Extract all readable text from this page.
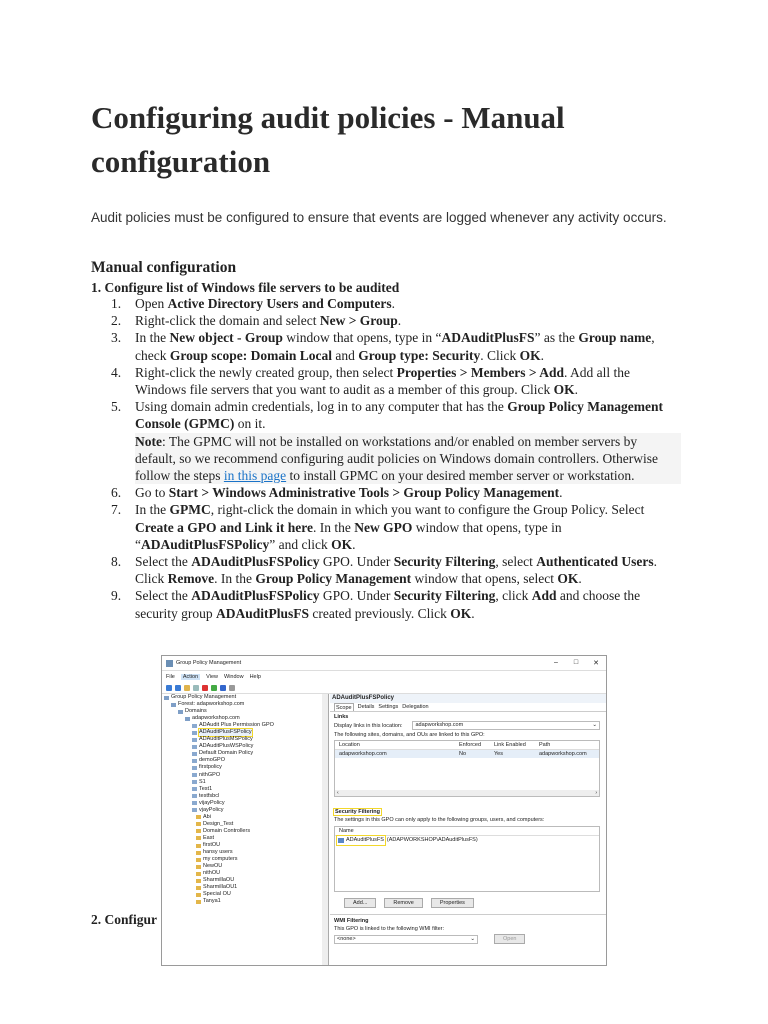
Configuring audit policies - Manual configuration

Audit policies must be configured to ensure that events are logged whenever any activity occurs.

Manual configuration

1. Configure list of Windows file servers to be audited

1.	Open Active Directory Users and Computers.
2.	Right-click the domain and select New > Group.
3.	In the New object - Group window that opens, type in “ADAuditPlusFS” as the Group name, check Group scope: Domain Local and Group type: Security. Click OK.
4.	Right-click the newly created group, then select Properties > Members > Add. Add all the Windows file servers that you want to audit as a member of this group. Click OK.
5.	Using domain admin credentials, log in to any computer that has the Group Policy Management Console (GPMC) on it.
Note: The GPMC will not be installed on workstations and/or enabled on member servers by default, so we recommend configuring audit policies on Windows domain controllers. Otherwise follow the steps in this page to install GPMC on your desired member server or workstation.
6.	Go to Start > Windows Administrative Tools > Group Policy Management.
7.	In the GPMC, right-click the domain in which you want to configure the Group Policy. Select Create a GPO and Link it here. In the New GPO window that opens, type in “ADAuditPlusFSPolicy” and click OK.
8.	Select the ADAuditPlusFSPolicy GPO. Under Security Filtering, select Authenticated Users. Click Remove. In the Group Policy Management window that opens, select OK.
9.	Select the ADAuditPlusFSPolicy GPO. Under Security Filtering, click Add and choose the security group ADAuditPlusFS created previously. Click OK.
Group Policy Management	–	□	✕
File	Action	View Window Help
Group Policy Management
Forest: adapworkshop.com
Domains
adapworkshop.com
ADAudit Plus Permission GPO
ADAuditPlusFSPolicy
ADAuditPlusMSPolicy
ADAuditPlusWSPolicy
Default Domain Policy
demoGPO
firstpolicy
nithGPO
S1
Test1
testfsbcl
vijayPolicy
vjayPolicy
Abi
Design_Test
Domain Controllers
East
firstOU
hansy users
my computers
NewOU
nithOU
SharmillaOU
SharmillaOU1
Special OU
Tanya1
ADAuditPlusFSPolicy
Scope	Details Settings Delegation
Links
Display links in this location:	adapworkshop.com	⌄
The following sites, domains, and OUs are linked to this GPO:
Location	Enforced	Link Enabled	Path
adapworkshop.com	No	Yes	adapworkshop.com
‹	›
Security Filtering
The settings in this GPO can only apply to the following groups, users, and computers:
Name
ADAuditPlusFS (ADAPWORKSHOP\ADAuditPlusFS)
Add...	Remove	Properties
WMI Filtering
This GPO is linked to the following WMI filter:
<none>	⌄	Open

2. Configur
